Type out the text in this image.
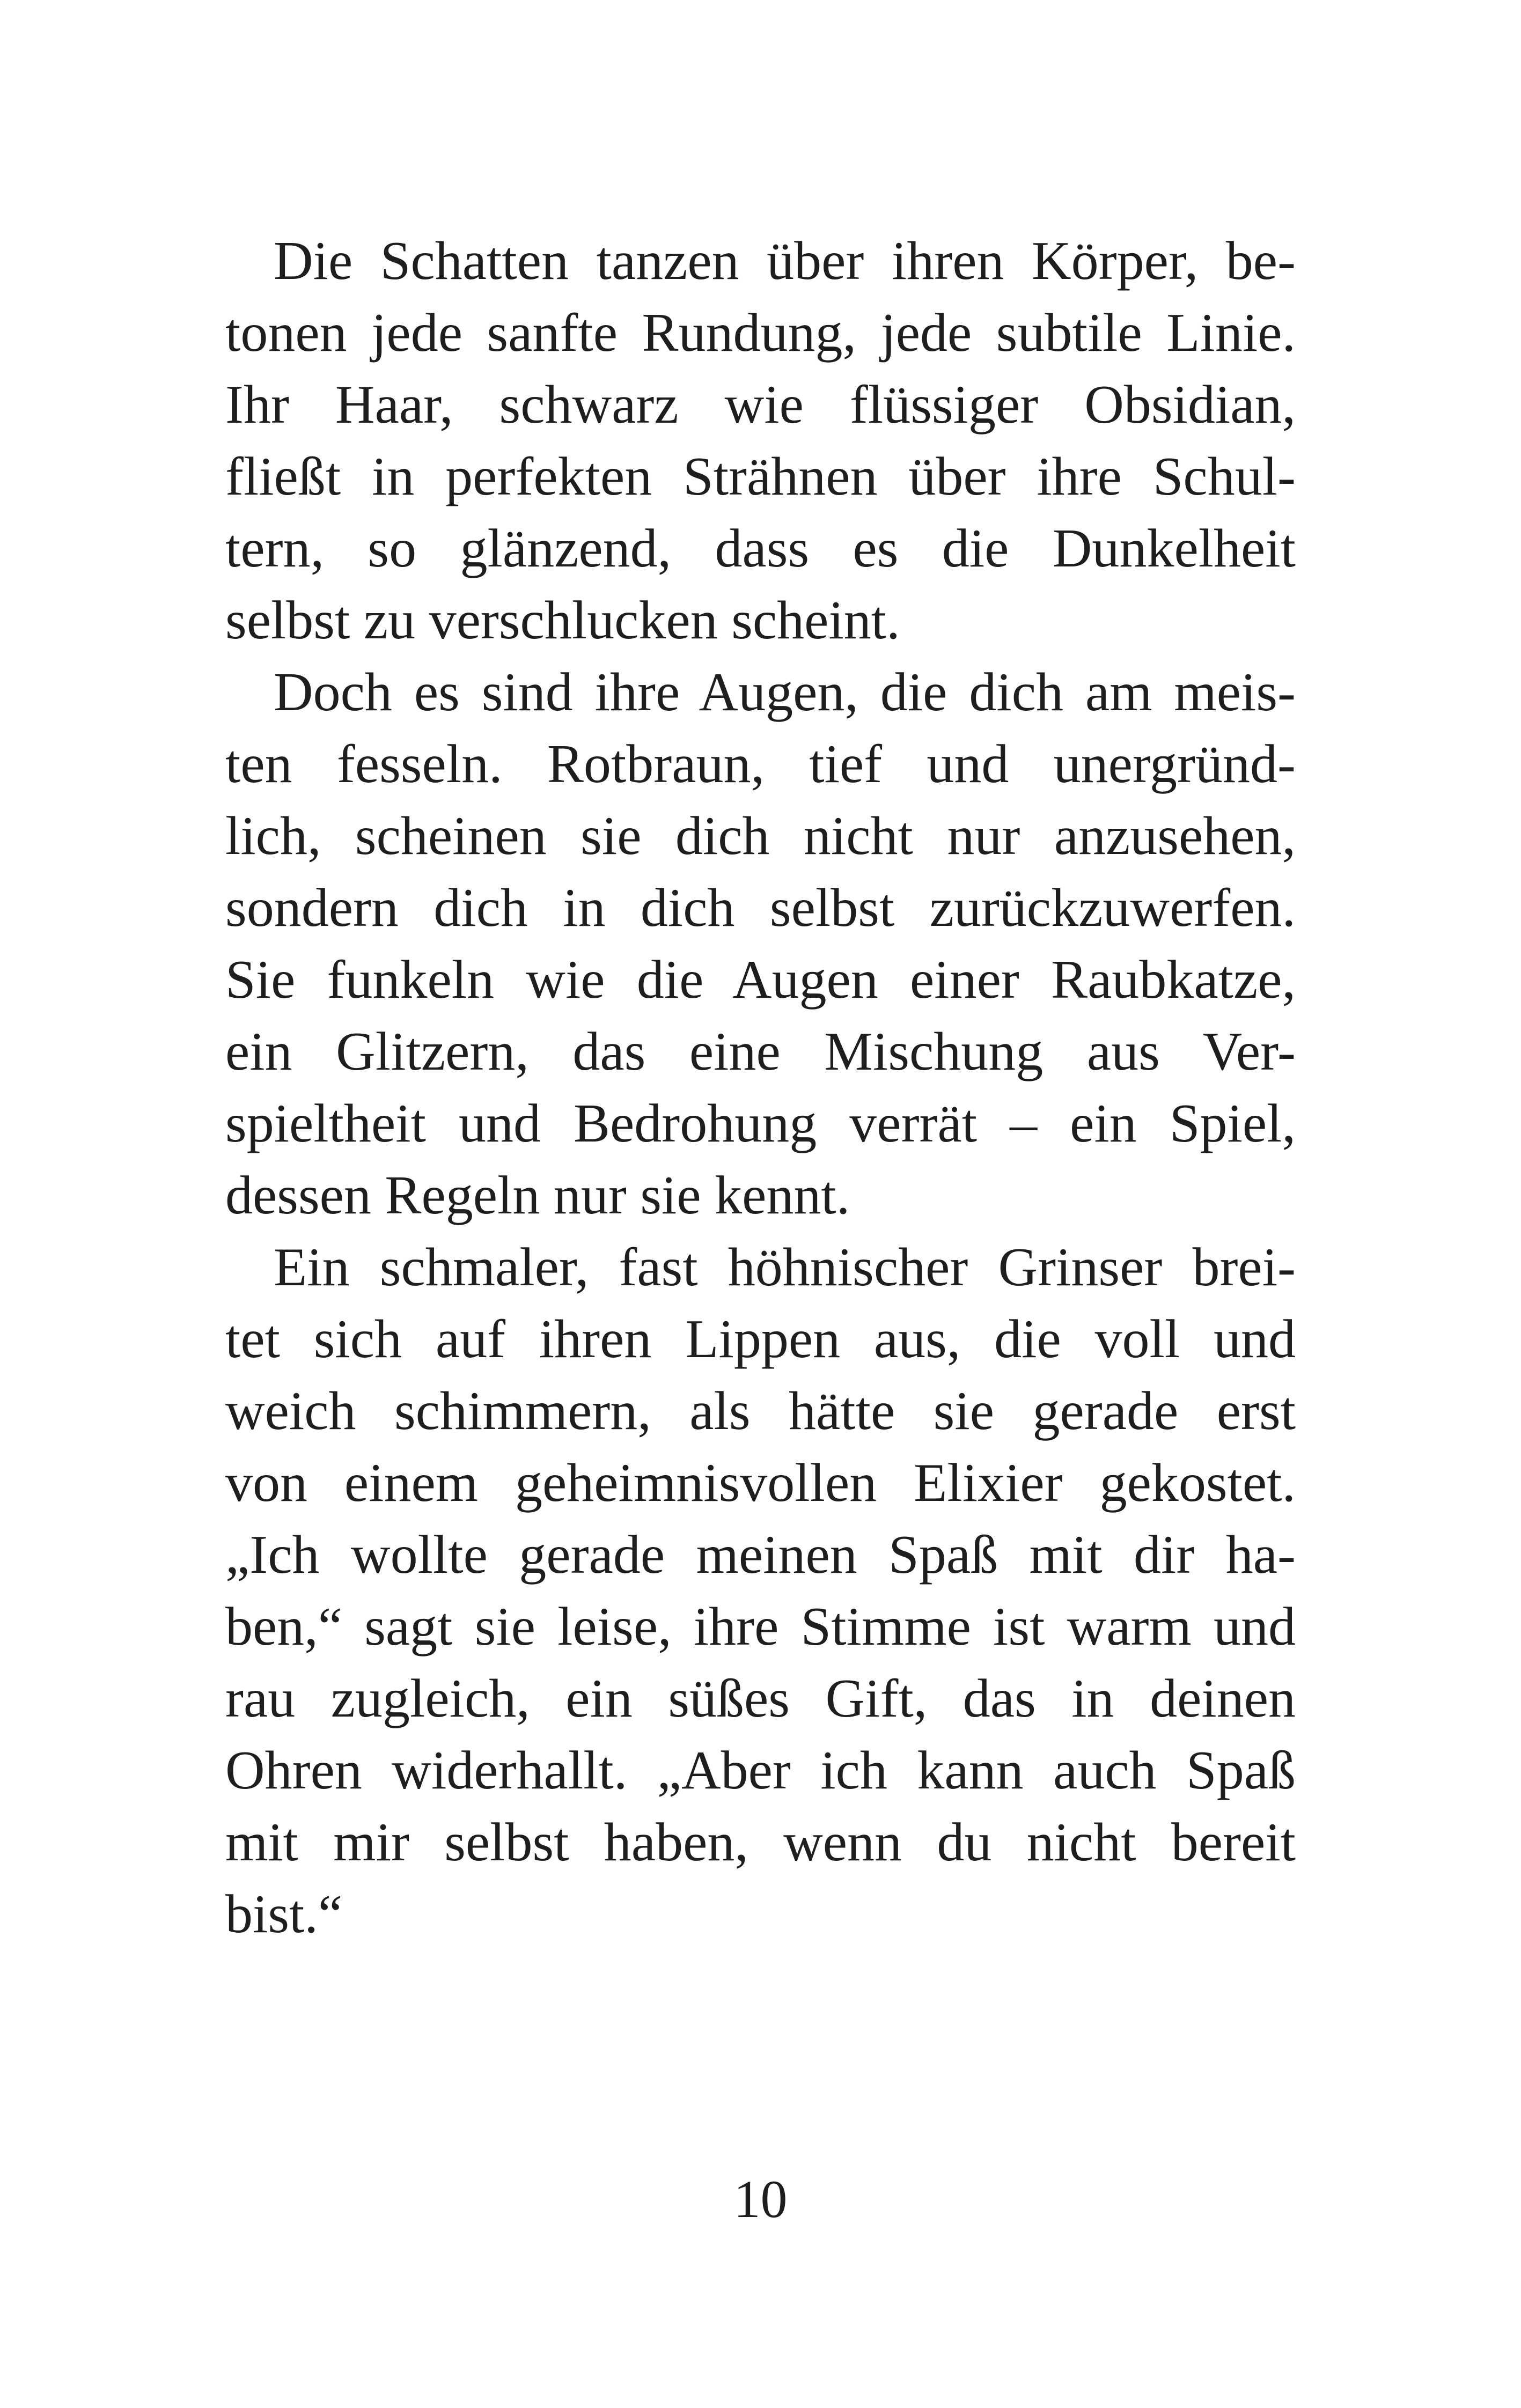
Die Schatten tanzen über ihren Körper, be-
tonen jede sanfte Rundung, jede subtile Linie.
Ihr Haar, schwarz wie flüssiger Obsidian,
fließt in perfekten Strähnen über ihre Schul-
tern, so glänzend, dass es die Dunkelheit
selbst zu verschlucken scheint.
Doch es sind ihre Augen, die dich am meis-
ten fesseln. Rotbraun, tief und unergründ-
lich, scheinen sie dich nicht nur anzusehen,
sondern dich in dich selbst zurückzuwerfen.
Sie funkeln wie die Augen einer Raubkatze,
ein Glitzern, das eine Mischung aus Ver-
spieltheit und Bedrohung verrät – ein Spiel,
dessen Regeln nur sie kennt.
Ein schmaler, fast höhnischer Grinser brei-
tet sich auf ihren Lippen aus, die voll und
weich schimmern, als hätte sie gerade erst
von einem geheimnisvollen Elixier gekostet.
„Ich wollte gerade meinen Spaß mit dir ha-
ben,“ sagt sie leise, ihre Stimme ist warm und
rau zugleich, ein süßes Gift, das in deinen
Ohren widerhallt. „Aber ich kann auch Spaß
mit mir selbst haben, wenn du nicht bereit
bist.“
10
